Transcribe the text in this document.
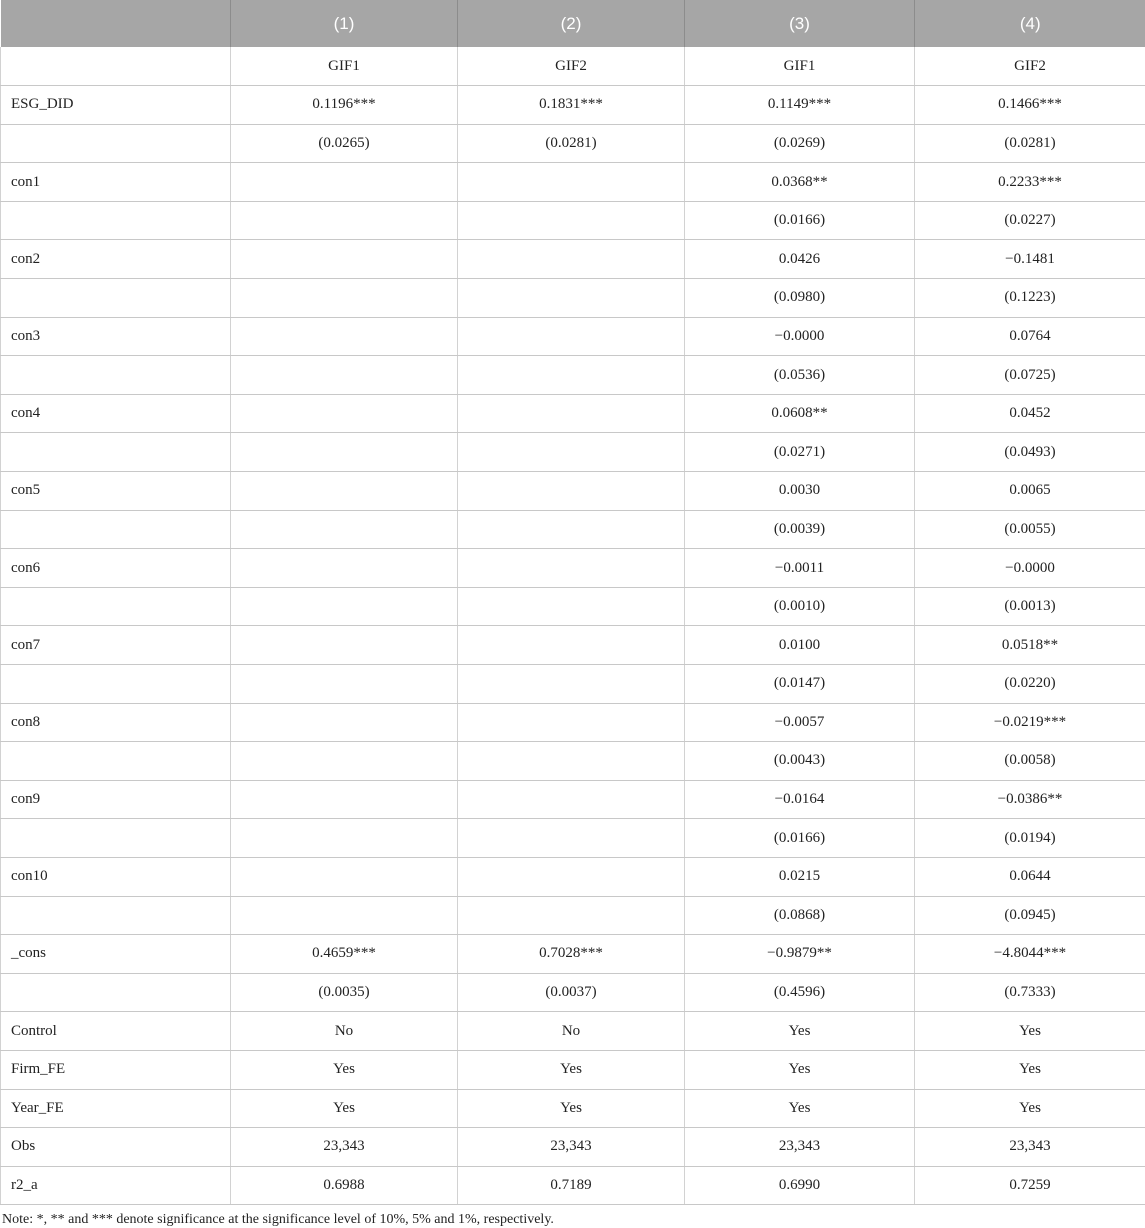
	(1)	(2)	(3)	(4)
	GIF1	GIF2	GIF1	GIF2
ESG_DID	0.1196***	0.1831***	0.1149***	0.1466***
	(0.0265)	(0.0281)	(0.0269)	(0.0281)
con1			0.0368**	0.2233***
			(0.0166)	(0.0227)
con2			0.0426	−0.1481
			(0.0980)	(0.1223)
con3			−0.0000	0.0764
			(0.0536)	(0.0725)
con4			0.0608**	0.0452
			(0.0271)	(0.0493)
con5			0.0030	0.0065
			(0.0039)	(0.0055)
con6			−0.0011	−0.0000
			(0.0010)	(0.0013)
con7			0.0100	0.0518**
			(0.0147)	(0.0220)
con8			−0.0057	−0.0219***
			(0.0043)	(0.0058)
con9			−0.0164	−0.0386**
			(0.0166)	(0.0194)
con10			0.0215	0.0644
			(0.0868)	(0.0945)
_cons	0.4659***	0.7028***	−0.9879**	−4.8044***
	(0.0035)	(0.0037)	(0.4596)	(0.7333)
Control	No	No	Yes	Yes
Firm_FE	Yes	Yes	Yes	Yes
Year_FE	Yes	Yes	Yes	Yes
Obs	23,343	23,343	23,343	23,343
r2_a	0.6988	0.7189	0.6990	0.7259
Note: *, ** and *** denote significance at the significance level of 10%, 5% and 1%, respectively.
